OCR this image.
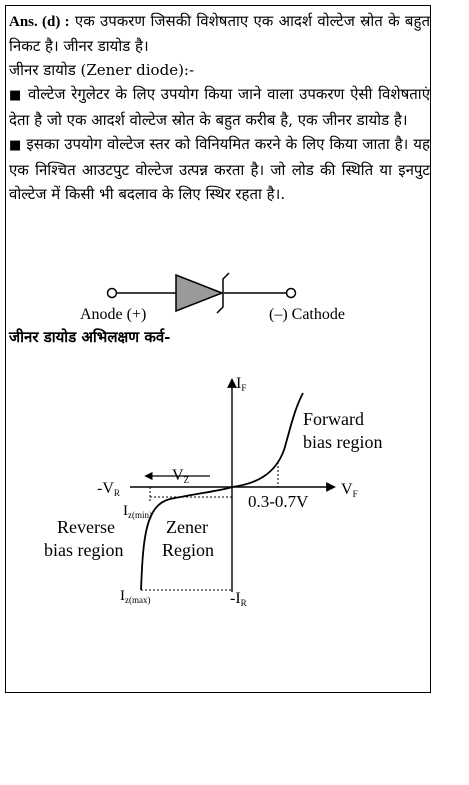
Ans. (d) : एक उपकरण जिसकी विशेषताए एक आदर्श वोल्टेज स्रोत के बहुत निकट है। जीनर डायोड है।

जीनर डायोड (Zener diode):-

■ वोल्टेज रेगुलेटर के लिए उपयोग किया जाने वाला उपकरण ऐसी विशेषताएं देता है जो एक आदर्श वोल्टेज स्रोत के बहुत करीब है, एक जीनर डायोड है।

■ इसका उपयोग वोल्टेज स्तर को विनियमित करने के लिए किया जाता है। यह एक निश्चित आउटपुट वोल्टेज उत्पन्न करता है। जो लोड की स्थिति या इनपुट वोल्टेज में किसी भी बदलाव के लिए स्थिर रहता है।.

Anode (+)	(–) Cathode
जीनर डायोड अभिलक्षण कर्व-
IF
VF
-VR
-IR
VZ
$I_{z(min)}$
$I_{z(max)}$
Forward
bias region
Reverse
bias region
Zener
Region
0.3-0.7V
